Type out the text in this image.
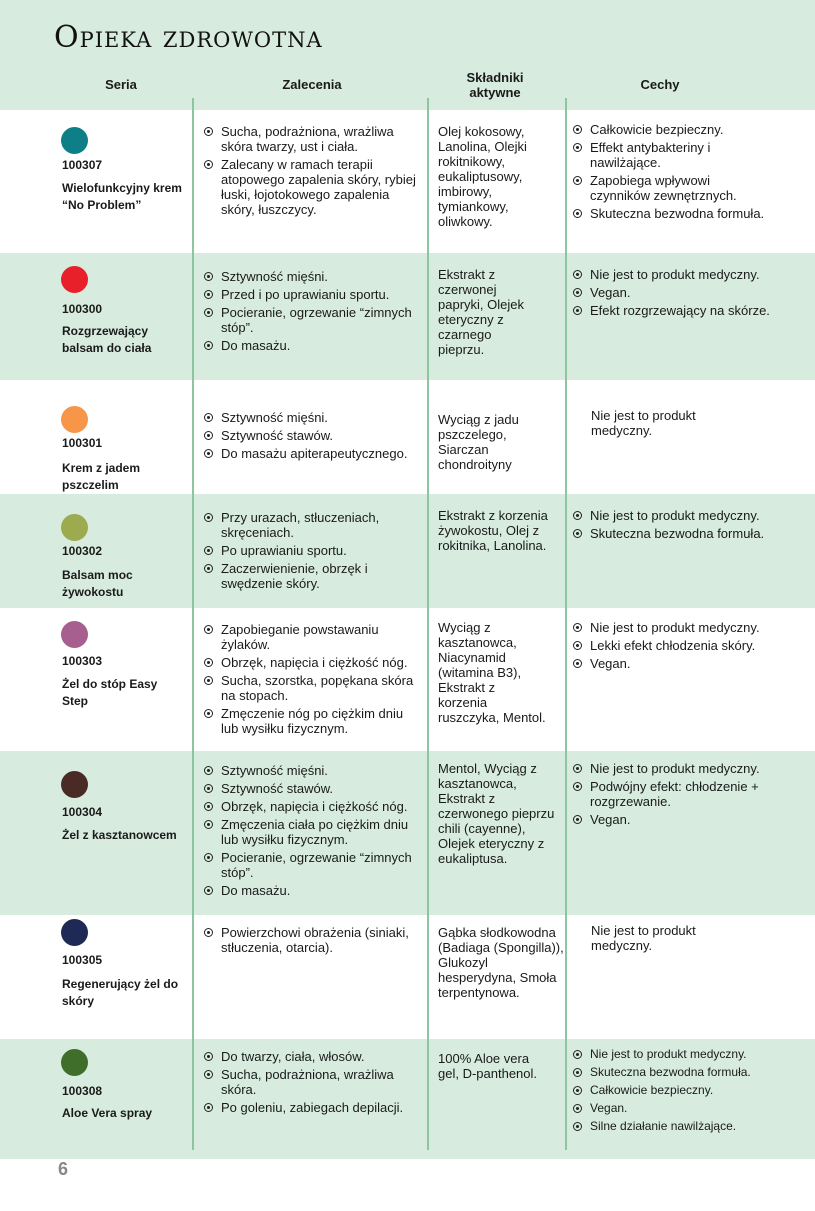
Opieka zdrowotna
Seria	Zalecenia	Składniki aktywne
Cechy
100307
Wielofunkcyjny krem “No Problem”
Sucha, podrażniona, wrażliwa skóra twarzy, ust i ciała.
Zalecany w ramach terapii atopowego zapalenia skóry, rybiej łuski, łojotokowego zapalenia skóry, łuszczycy.
Olej kokosowy, Lanolina, Olejki rokitnikowy, eukaliptusowy, imbirowy, tymiankowy, oliwkowy.
Całkowicie bezpieczny.
Effekt antybakteriny i nawilżające.
Zapobiega wpływowi czynników zewnętrznych.
Skuteczna bezwodna formuła.
100300
Rozgrzewający balsam do ciała
Sztywność mięśni.
Przed i po uprawianiu sportu.
Pocieranie, ogrzewanie “zimnych stóp”.
Do masażu.
Ekstrakt z czerwonej papryki, Olejek eteryczny z czarnego pieprzu.
Nie jest to produkt medyczny.
Vegan.
Efekt rozgrzewający na skórze.
100301
Krem z jadem pszczelim
Sztywność mięśni.
Sztywność stawów.
Do masażu apiterapeutycznego.
Wyciąg z jadu pszczelego, Siarczan chondroityny
Nie jest to produkt medyczny.
100302
Balsam moc żywokostu
Przy urazach, stłuczeniach, skręceniach.
Po uprawianiu sportu.
Zaczerwienienie, obrzęk i swędzenie skóry.
Ekstrakt z korzenia żywokostu, Olej z rokitnika, Lanolina.
Nie jest to produkt medyczny.
Skuteczna bezwodna formuła.
100303
Żel do stóp Easy Step
Zapobieganie powstawaniu żylaków.
Obrzęk, napięcia i ciężkość nóg.
Sucha, szorstka, popękana skóra na stopach.
Zmęczenie nóg po ciężkim dniu lub wysiłku fizycznym.
Wyciąg z kasztanowca, Niacynamid (witamina B3), Ekstrakt z korzenia ruszczyka, Mentol.
Nie jest to produkt medyczny.
Lekki efekt chłodzenia skóry.
Vegan.
100304
Żel z kasztanowcem
Sztywność mięśni.
Sztywność stawów.
Obrzęk, napięcia i ciężkość nóg.
Zmęczenia ciała po ciężkim dniu lub wysiłku fizycznym.
Pocieranie, ogrzewanie “zimnych stóp”.
Do masażu.
Mentol, Wyciąg z kasztanowca, Ekstrakt z czerwonego pieprzu chili (cayenne), Olejek eteryczny z eukaliptusa.
Nie jest to produkt medyczny.
Podwójny efekt: chłodzenie + rozgrzewanie.
Vegan.
100305
Regenerujący żel do skóry
Powierzchowi obrażenia (siniaki, stłuczenia, otarcia).
Gąbka słodkowodna (Badiaga (Spongilla)), Glukozyl hesperydyna, Smoła terpentynowa.
Nie jest to produkt medyczny.
100308
Aloe Vera spray
Do twarzy, ciała, włosów.
Sucha, podrażniona, wrażliwa skóra.
Po goleniu, zabiegach depilacji.
100% Aloe vera gel, D-panthenol.
Nie jest to produkt medyczny.
Skuteczna bezwodna formuła.
Całkowicie bezpieczny.
Vegan.
Silne działanie nawilżające.
6
